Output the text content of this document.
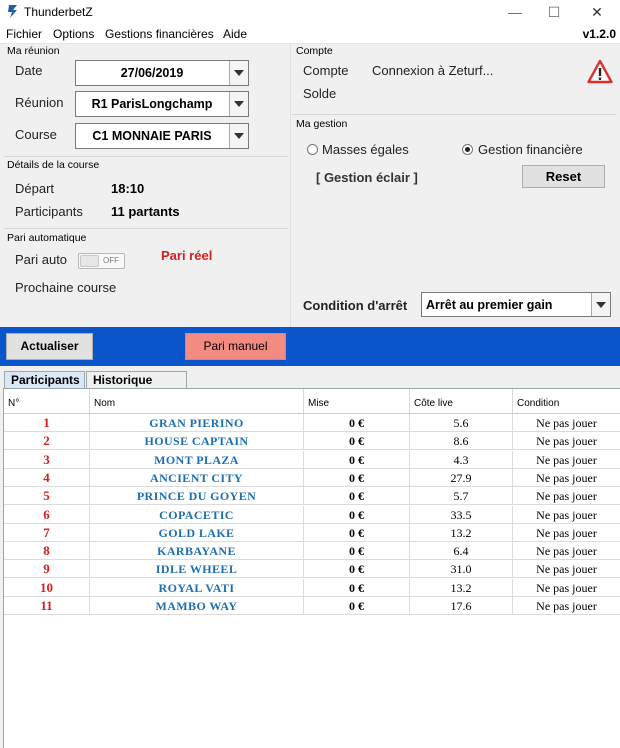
ThunderbetZ	—	☐	✕
Fichier Options Gestions financières Aide	v1.2.0
Ma réunion
Date	27/06/2019
Réunion	R1 ParisLongchamp
Course	C1 MONNAIE PARIS
Détails de la course
Départ	18:10
Participants 11 partants
Pari automatique
Pari auto	OFF	Pari réel
Prochaine course
Compte
Compte Connexion à Zeturf...
Solde
Ma gestion
Masses égales	Gestion financière
[ Gestion éclair ]	Reset
Condition d'arrêt Arrêt au premier gain
Actualiser	Pari manuel
Participants	Historique
N°	Nom	Mise	Côte live	Condition
1	GRAN PIERINO	0 €	5.6	Ne pas jouer
2	HOUSE CAPTAIN	0 €	8.6	Ne pas jouer
3	MONT PLAZA	0 €	4.3	Ne pas jouer
4	ANCIENT CITY	0 €	27.9	Ne pas jouer
5	PRINCE DU GOYEN	0 €	5.7	Ne pas jouer
6	COPACETIC	0 €	33.5	Ne pas jouer
7	GOLD LAKE	0 €	13.2	Ne pas jouer
8	KARBAYANE	0 €	6.4	Ne pas jouer
9	IDLE WHEEL	0 €	31.0	Ne pas jouer
10	ROYAL VATI	0 €	13.2	Ne pas jouer
11	MAMBO WAY	0 €	17.6	Ne pas jouer
